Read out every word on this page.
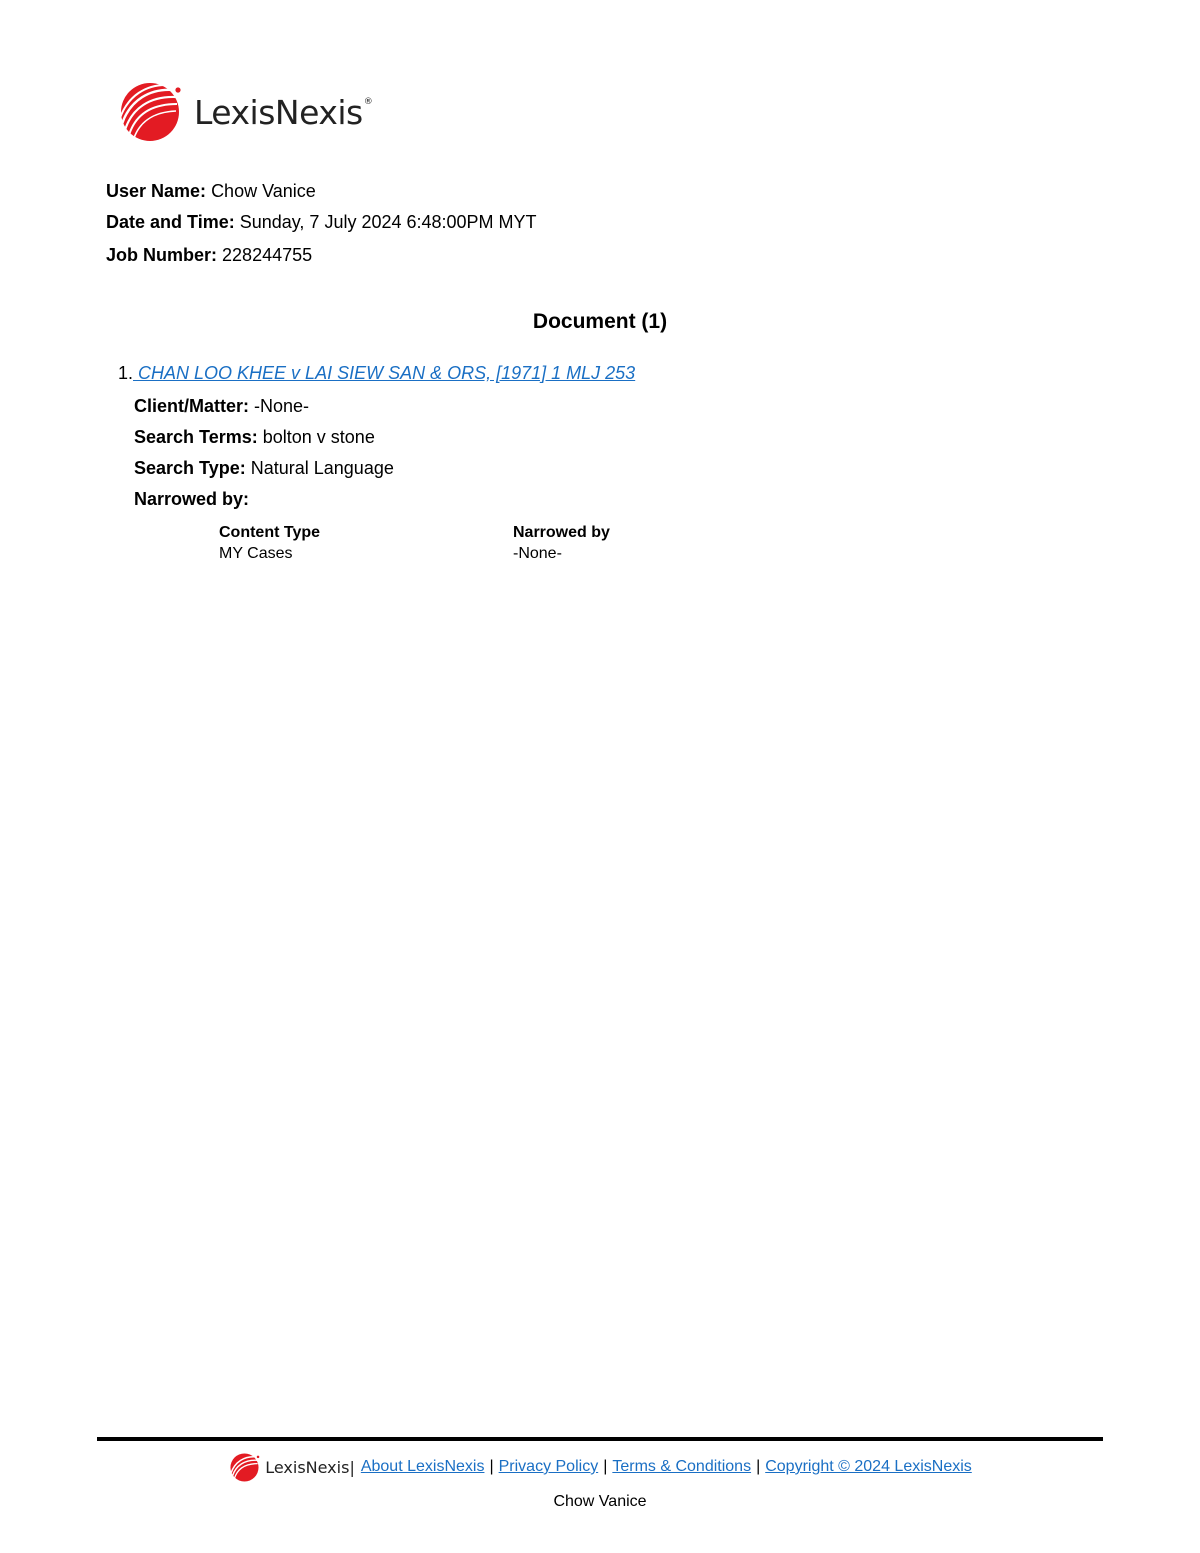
LexisNexis®
User Name: Chow Vanice
Date and Time: Sunday, 7 July 2024 6:48:00PM MYT
Job Number: 228244755
Document (1)
1. CHAN LOO KHEE v LAI SIEW SAN & ORS, [1971] 1 MLJ 253
Client/Matter: -None-
Search Terms: bolton v stone
Search Type: Natural Language
Narrowed by:
Content Type
MY Cases
Narrowed by
-None-
LexisNexis| About LexisNexis | Privacy Policy | Terms & Conditions | Copyright © 2024 LexisNexis
Chow Vanice
